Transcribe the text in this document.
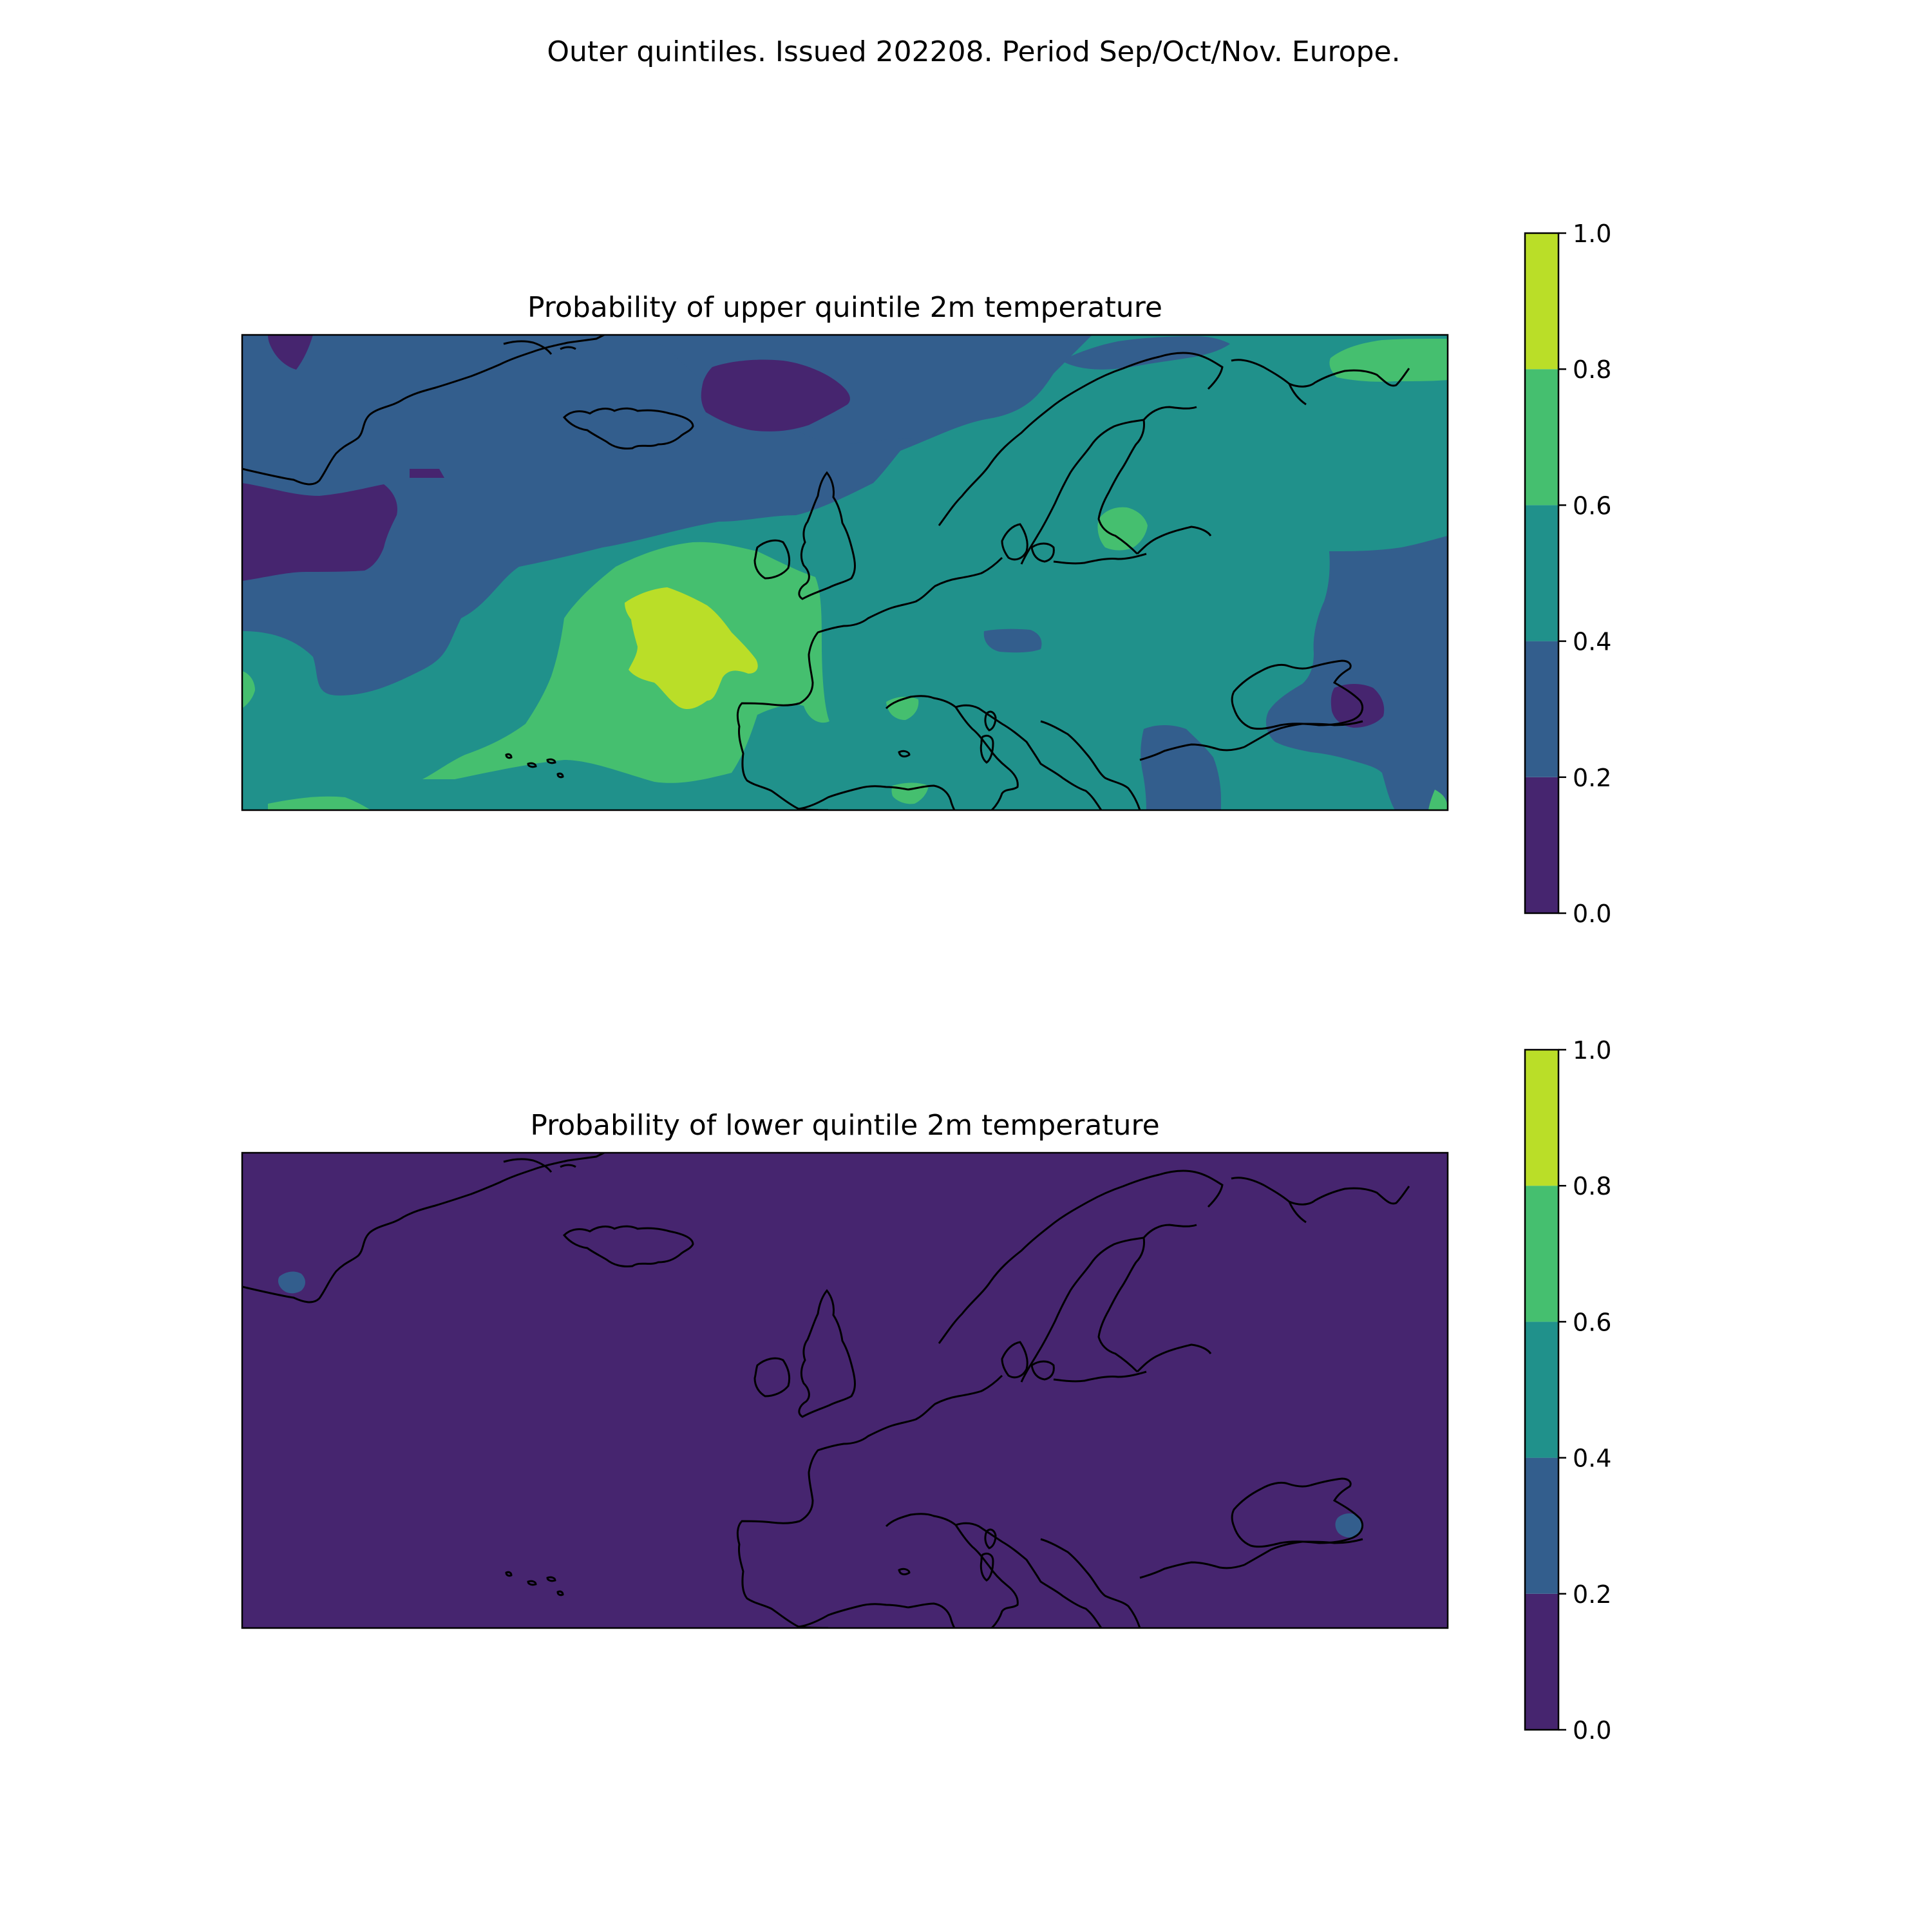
Outer quintiles. Issued 202208. Period Sep/Oct/Nov. Europe.
Probability of upper quintile 2m temperature
0.0
0.2
0.4
0.6
0.8
1.0
Probability of lower quintile 2m temperature
0.0
0.2
0.4
0.6
0.8
1.0
